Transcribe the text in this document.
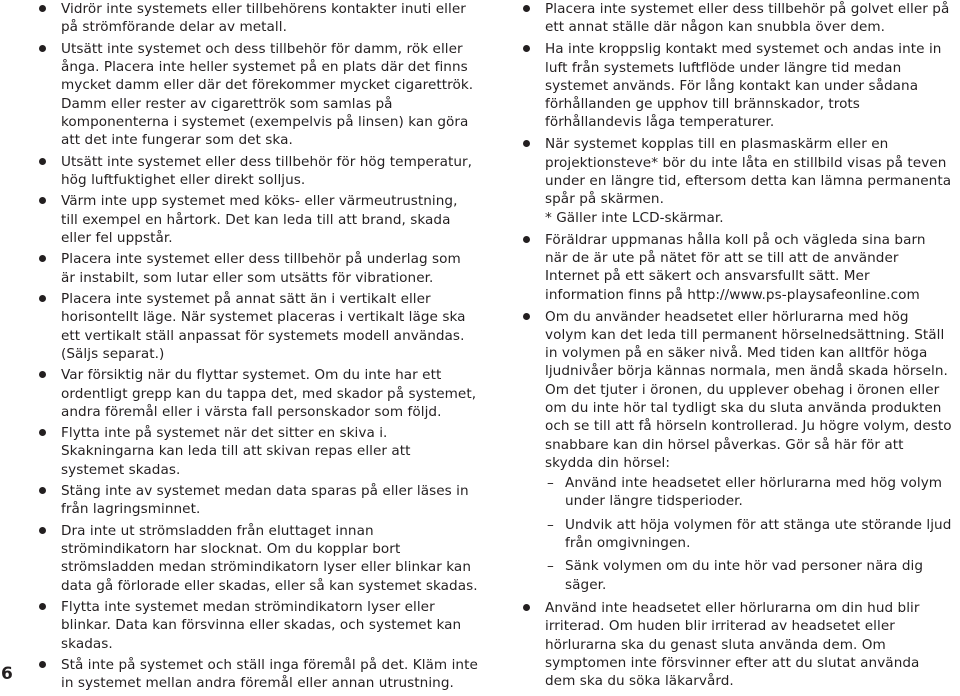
Vidrör inte systemets eller tillbehörens kontakter inuti eller på strömförande delar av metall.
Utsätt inte systemet och dess tillbehör för damm, rök eller ånga. Placera inte heller systemet på en plats där det finns mycket damm eller där det förekommer mycket cigarettrök. Damm eller rester av cigarettrök som samlas på komponenterna i systemet (exempelvis på linsen) kan göra att det inte fungerar som det ska.
Utsätt inte systemet eller dess tillbehör för hög temperatur, hög luftfuktighet eller direkt solljus.
Värm inte upp systemet med köks- eller värmeutrustning, till exempel en hårtork. Det kan leda till att brand, skada eller fel uppstår.
Placera inte systemet eller dess tillbehör på underlag som är instabilt, som lutar eller som utsätts för vibrationer.
Placera inte systemet på annat sätt än i vertikalt eller horisontellt läge. När systemet placeras i vertikalt läge ska ett vertikalt ställ anpassat för systemets modell användas. (Säljs separat.)
Var försiktig när du flyttar systemet. Om du inte har ett ordentligt grepp kan du tappa det, med skador på systemet, andra föremål eller i värsta fall personskador som följd.
Flytta inte på systemet när det sitter en skiva i. Skakningarna kan leda till att skivan repas eller att systemet skadas.
Stäng inte av systemet medan data sparas på eller läses in från lagringsminnet.
Dra inte ut strömsladden från eluttaget innan strömindikatorn har slocknat. Om du kopplar bort strömsladden medan strömindikatorn lyser eller blinkar kan data gå förlorade eller skadas, eller så kan systemet skadas.
Flytta inte systemet medan strömindikatorn lyser eller blinkar. Data kan försvinna eller skadas, och systemet kan skadas.
Stå inte på systemet och ställ inga föremål på det. Kläm inte in systemet mellan andra föremål eller annan utrustning.
Placera inte systemet eller dess tillbehör på golvet eller på ett annat ställe där någon kan snubbla över dem.
Ha inte kroppslig kontakt med systemet och andas inte in luft från systemets luftflöde under längre tid medan systemet används. För lång kontakt kan under sådana förhållanden ge upphov till brännskador, trots förhållandevis låga temperaturer.
När systemet kopplas till en plasmaskärm eller en projektionsteve* bör du inte låta en stillbild visas på teven under en längre tid, eftersom detta kan lämna permanenta spår på skärmen.
* Gäller inte LCD-skärmar.
Föräldrar uppmanas hålla koll på och vägleda sina barn när de är ute på nätet för att se till att de använder Internet på ett säkert och ansvarsfullt sätt. Mer information finns på http://www.ps-playsafeonline.com
Om du använder headsetet eller hörlurarna med hög volym kan det leda till permanent hörselnedsättning. Ställ in volymen på en säker nivå. Med tiden kan alltför höga ljudnivåer börja kännas normala, men ändå skada hörseln. Om det tjuter i öronen, du upplever obehag i öronen eller om du inte hör tal tydligt ska du sluta använda produkten och se till att få hörseln kontrollerad. Ju högre volym, desto snabbare kan din hörsel påverkas. Gör så här för att skydda din hörsel:
– Använd inte headsetet eller hörlurarna med hög volym under längre tidsperioder.
– Undvik att höja volymen för att stänga ute störande ljud från omgivningen.
– Sänk volymen om du inte hör vad personer nära dig säger.
Använd inte headsetet eller hörlurarna om din hud blir irriterad. Om huden blir irriterad av headsetet eller hörlurarna ska du genast sluta använda dem. Om symptomen inte försvinner efter att du slutat använda dem ska du söka läkarvård.
6
